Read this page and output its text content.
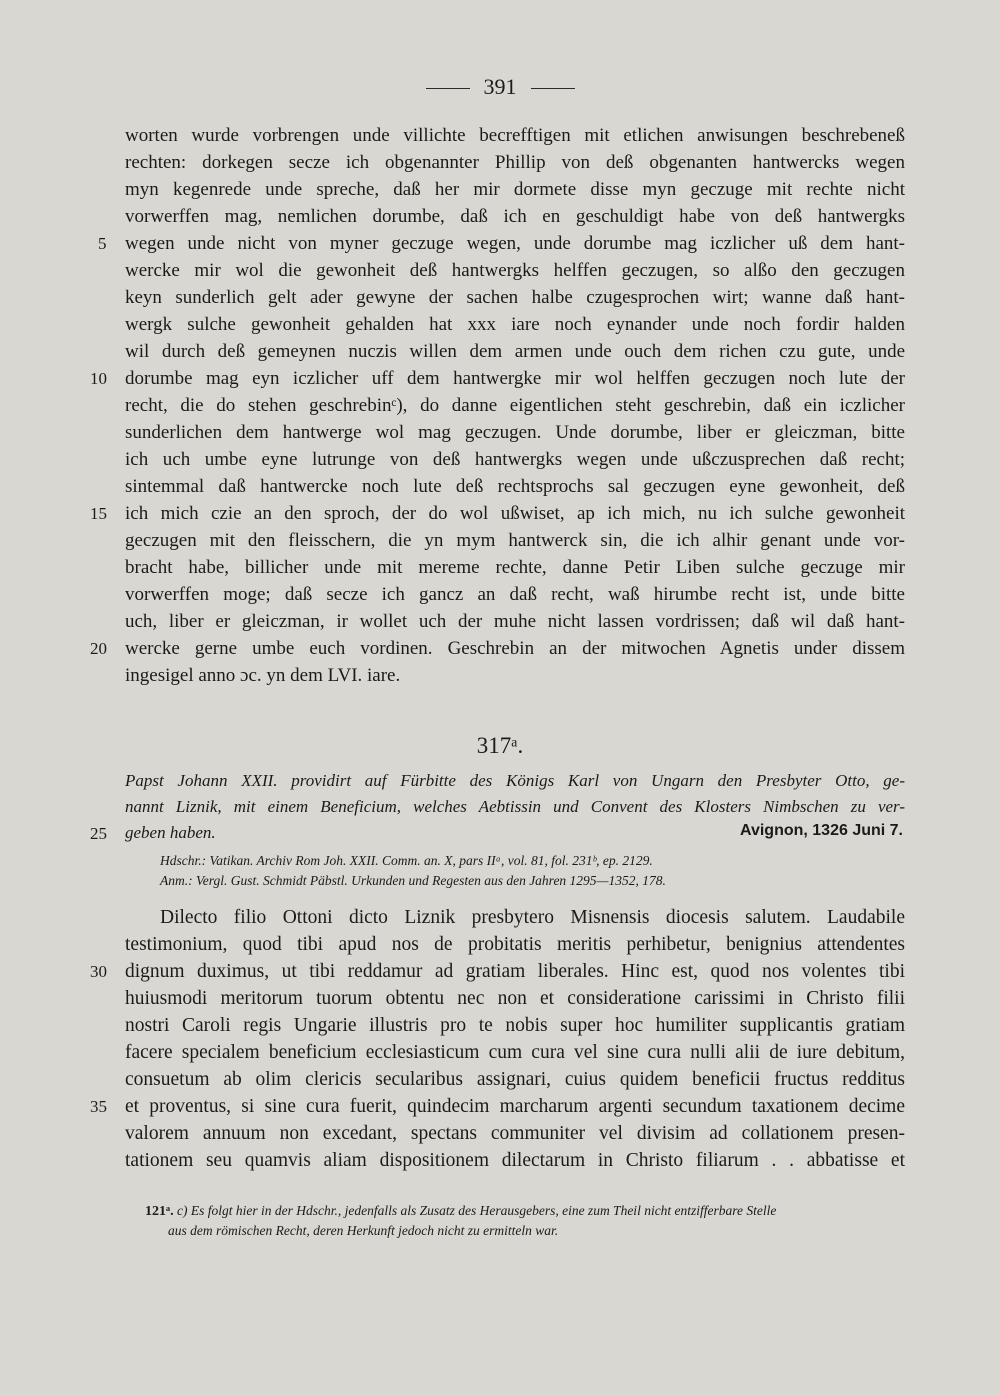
391
worten wurde vorbrengen unde villichte becrefftigen mit etlichen anwisungen beschrebeneß
rechten: dorkegen secze ich obgenannter Phillip von deß obgenanten hantwercks wegen
myn kegenrede unde spreche, daß her mir dormete disse myn geczuge mit rechte nicht
vorwerffen mag, nemlichen dorumbe, daß ich en geschuldigt habe von deß hantwergks
wegen unde nicht von myner geczuge wegen, unde dorumbe mag iczlicher uß dem hant-
wercke mir wol die gewonheit deß hantwergks helffen geczugen, so alßo den geczugen
keyn sunderlich gelt ader gewyne der sachen halbe czugesprochen wirt; wanne daß hant-
wergk sulche gewonheit gehalden hat xxx iare noch eynander unde noch fordir halden
wil durch deß gemeynen nuczis willen dem armen unde ouch dem richen czu gute, unde
dorumbe mag eyn iczlicher uff dem hantwergke mir wol helffen geczugen noch lute der
recht, die do stehen geschrebinᶜ), do danne eigentlichen steht geschrebin, daß ein iczlicher
sunderlichen dem hantwerge wol mag geczugen. Unde dorumbe, liber er gleiczman, bitte
ich uch umbe eyne lutrunge von deß hantwergks wegen unde ußczusprechen daß recht;
sintemmal daß hantwercke noch lute deß rechtsprochs sal geczugen eyne gewonheit, deß
ich mich czie an den sproch, der do wol ußwiset, ap ich mich, nu ich sulche gewonheit
geczugen mit den fleisschern, die yn mym hantwerck sin, die ich alhir genant unde vor-
bracht habe, billicher unde mit mereme rechte, danne Petir Liben sulche geczuge mir
vorwerffen moge; daß secze ich gancz an daß recht, waß hirumbe recht ist, unde bitte
uch, liber er gleiczman, ir wollet uch der muhe nicht lassen vordrissen; daß wil daß hant-
wercke gerne umbe euch vordinen. Geschrebin an der mitwochen Agnetis under dissem
ingesigel anno ɔc. yn dem LVI. iare.
5
10
15
20
317ᵃ.
Papst Johann XXII. providirt auf Fürbitte des Königs Karl von Ungarn den Presbyter Otto, ge-
nannt Liznik, mit einem Beneficium, welches Aebtissin und Convent des Klosters Nimbschen zu ver-
geben haben.
25	Avignon, 1326 Juni 7.
Hdschr.: Vatikan. Archiv Rom Joh. XXII. Comm. an. X, pars IIᵃ, vol. 81, fol. 231ᵇ, ep. 2129.
Anm.: Vergl. Gust. Schmidt Päbstl. Urkunden und Regesten aus den Jahren 1295—1352, 178.
Dilecto filio Ottoni dicto Liznik presbytero Misnensis diocesis salutem. Laudabile
testimonium, quod tibi apud nos de probitatis meritis perhibetur, benignius attendentes
dignum duximus, ut tibi reddamur ad gratiam liberales. Hinc est, quod nos volentes tibi
huiusmodi meritorum tuorum obtentu nec non et consideratione carissimi in Christo filii
nostri Caroli regis Ungarie illustris pro te nobis super hoc humiliter supplicantis gratiam
facere specialem beneficium ecclesiasticum cum cura vel sine cura nulli alii de iure debitum,
consuetum ab olim clericis secularibus assignari, cuius quidem beneficii fructus redditus
et proventus, si sine cura fuerit, quindecim marcharum argenti secundum taxationem decime
valorem annuum non excedant, spectans communiter vel divisim ad collationem presen-
tationem seu quamvis aliam dispositionem dilectarum in Christo filiarum . . abbatisse et
30
35
121ᵃ. c) Es folgt hier in der Hdschr., jedenfalls als Zusatz des Herausgebers, eine zum Theil nicht entzifferbare Stelle
aus dem römischen Recht, deren Herkunft jedoch nicht zu ermitteln war.
